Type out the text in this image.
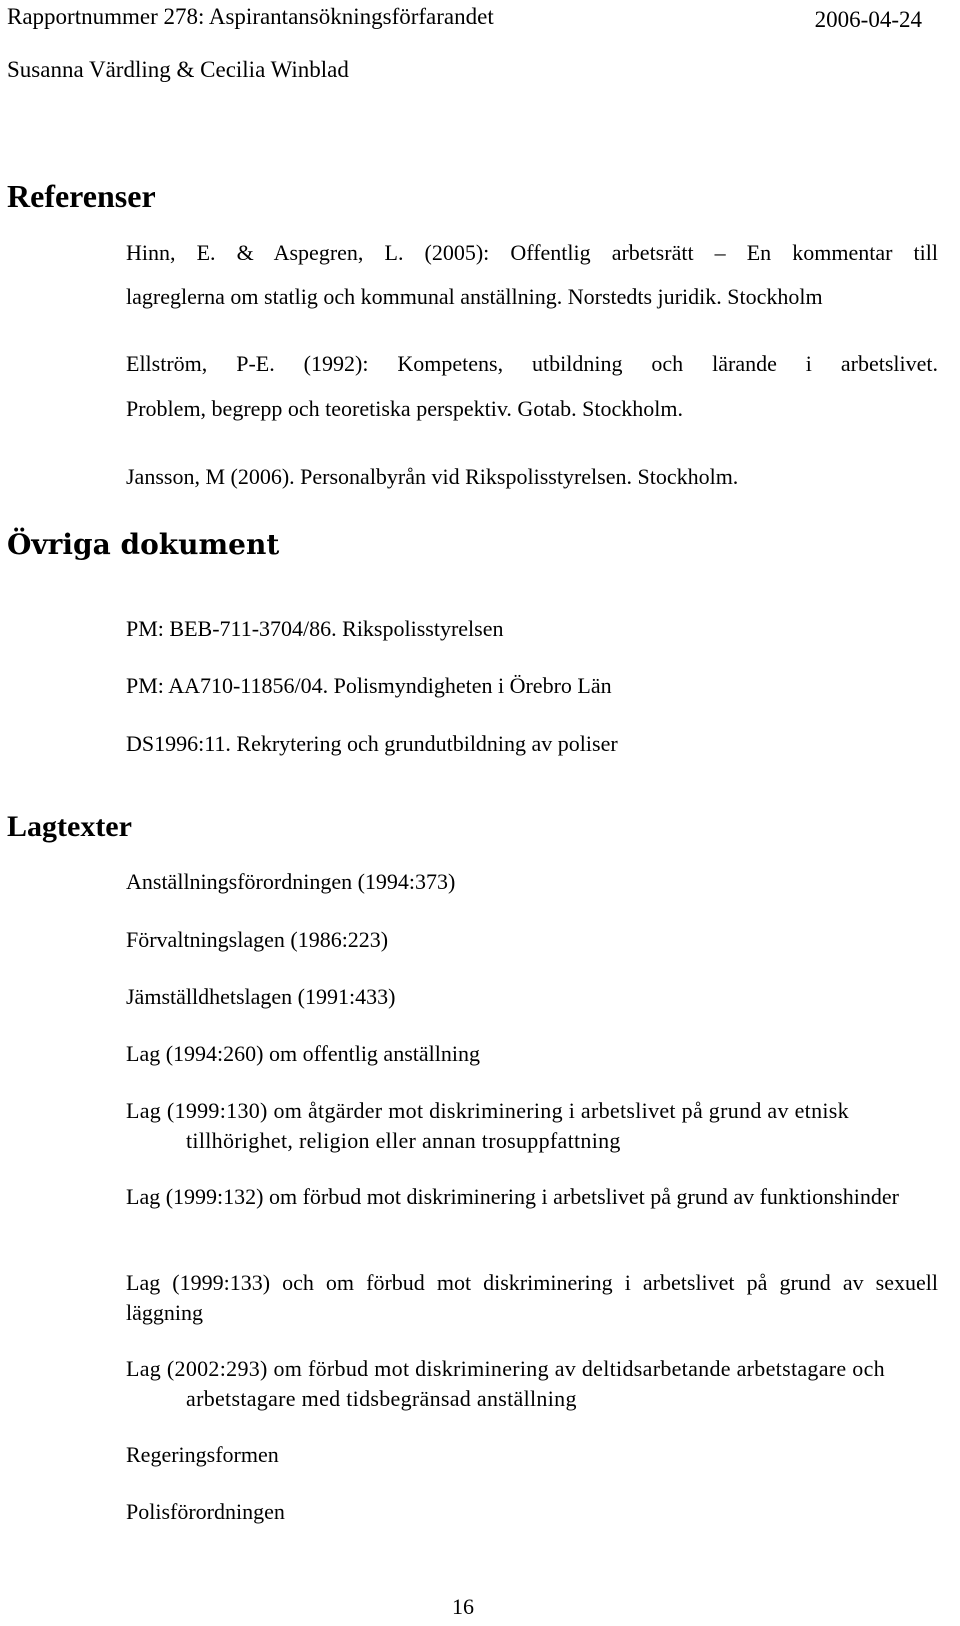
Rapportnummer 278: Aspirantansökningsförfarandet	2006-04-24
Susanna Värdling & Cecilia Winblad
Referenser
Hinn, E. & Aspegren, L. (2005): Offentlig arbetsrätt – En kommentar till
lagreglerna om statlig och kommunal anställning. Norstedts juridik. Stockholm
Ellström, P-E. (1992): Kompetens, utbildning och lärande i arbetslivet.
Problem, begrepp och teoretiska perspektiv. Gotab. Stockholm.
Jansson, M (2006). Personalbyrån vid Rikspolisstyrelsen. Stockholm.
Övriga dokument
PM: BEB-711-3704/86. Rikspolisstyrelsen
PM: AA710-11856/04. Polismyndigheten i Örebro Län
DS1996:11. Rekrytering och grundutbildning av poliser
Lagtexter
Anställningsförordningen (1994:373)
Förvaltningslagen (1986:223)
Jämställdhetslagen (1991:433)
Lag (1994:260) om offentlig anställning
Lag (1999:130) om åtgärder mot diskriminering i arbetslivet på grund av etnisk tillhörighet, religion eller annan trosuppfattning
Lag (1999:132) om förbud mot diskriminering i arbetslivet på grund av funktionshinder
Lag (1999:133) och om förbud mot diskriminering i arbetslivet på grund av sexuell läggning
Lag (2002:293) om förbud mot diskriminering av deltidsarbetande arbetstagare och arbetstagare med tidsbegränsad anställning
Regeringsformen
Polisförordningen
16
